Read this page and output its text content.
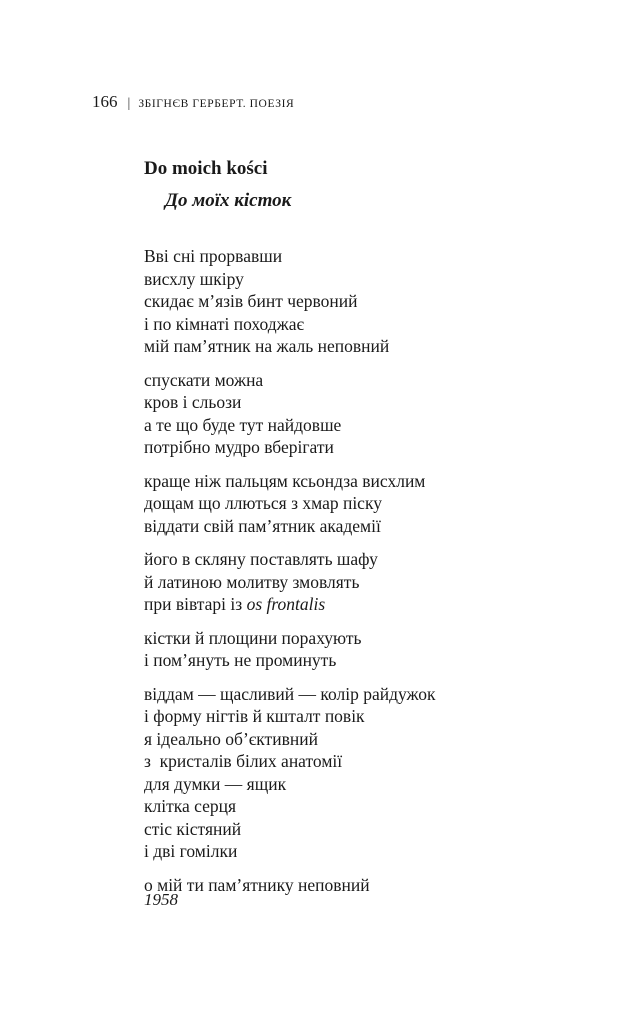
166 | ЗБІГНЄВ ГЕРБЕРТ. ПОЕЗІЯ
Do moich kości
До моїх кісток
Вві сні прорвавши
висхлу шкіру
скидає м’язів бинт червоний
і по кімнаті походжає
мій пам’ятник на жаль неповний
спускати можна
кров і сльози
а те що буде тут найдовше
потрібно мудро вберігати
краще ніж пальцям ксьондза висхлим
дощам що ллються з хмар піску
віддати свій пам’ятник академії
його в скляну поставлять шафу
й латиною молитву змовлять
при вівтарі із os frontalis
кістки й площини порахують
і пом’януть не проминуть
віддам — щасливий — колір райдужок
і форму нігтів й кшталт повік
я ідеально об’єктивний
з  кристалів білих анатомії
для думки — ящик
клітка серця
стіс кістяний
і дві гомілки
о мій ти пам’ятнику неповний
1958
